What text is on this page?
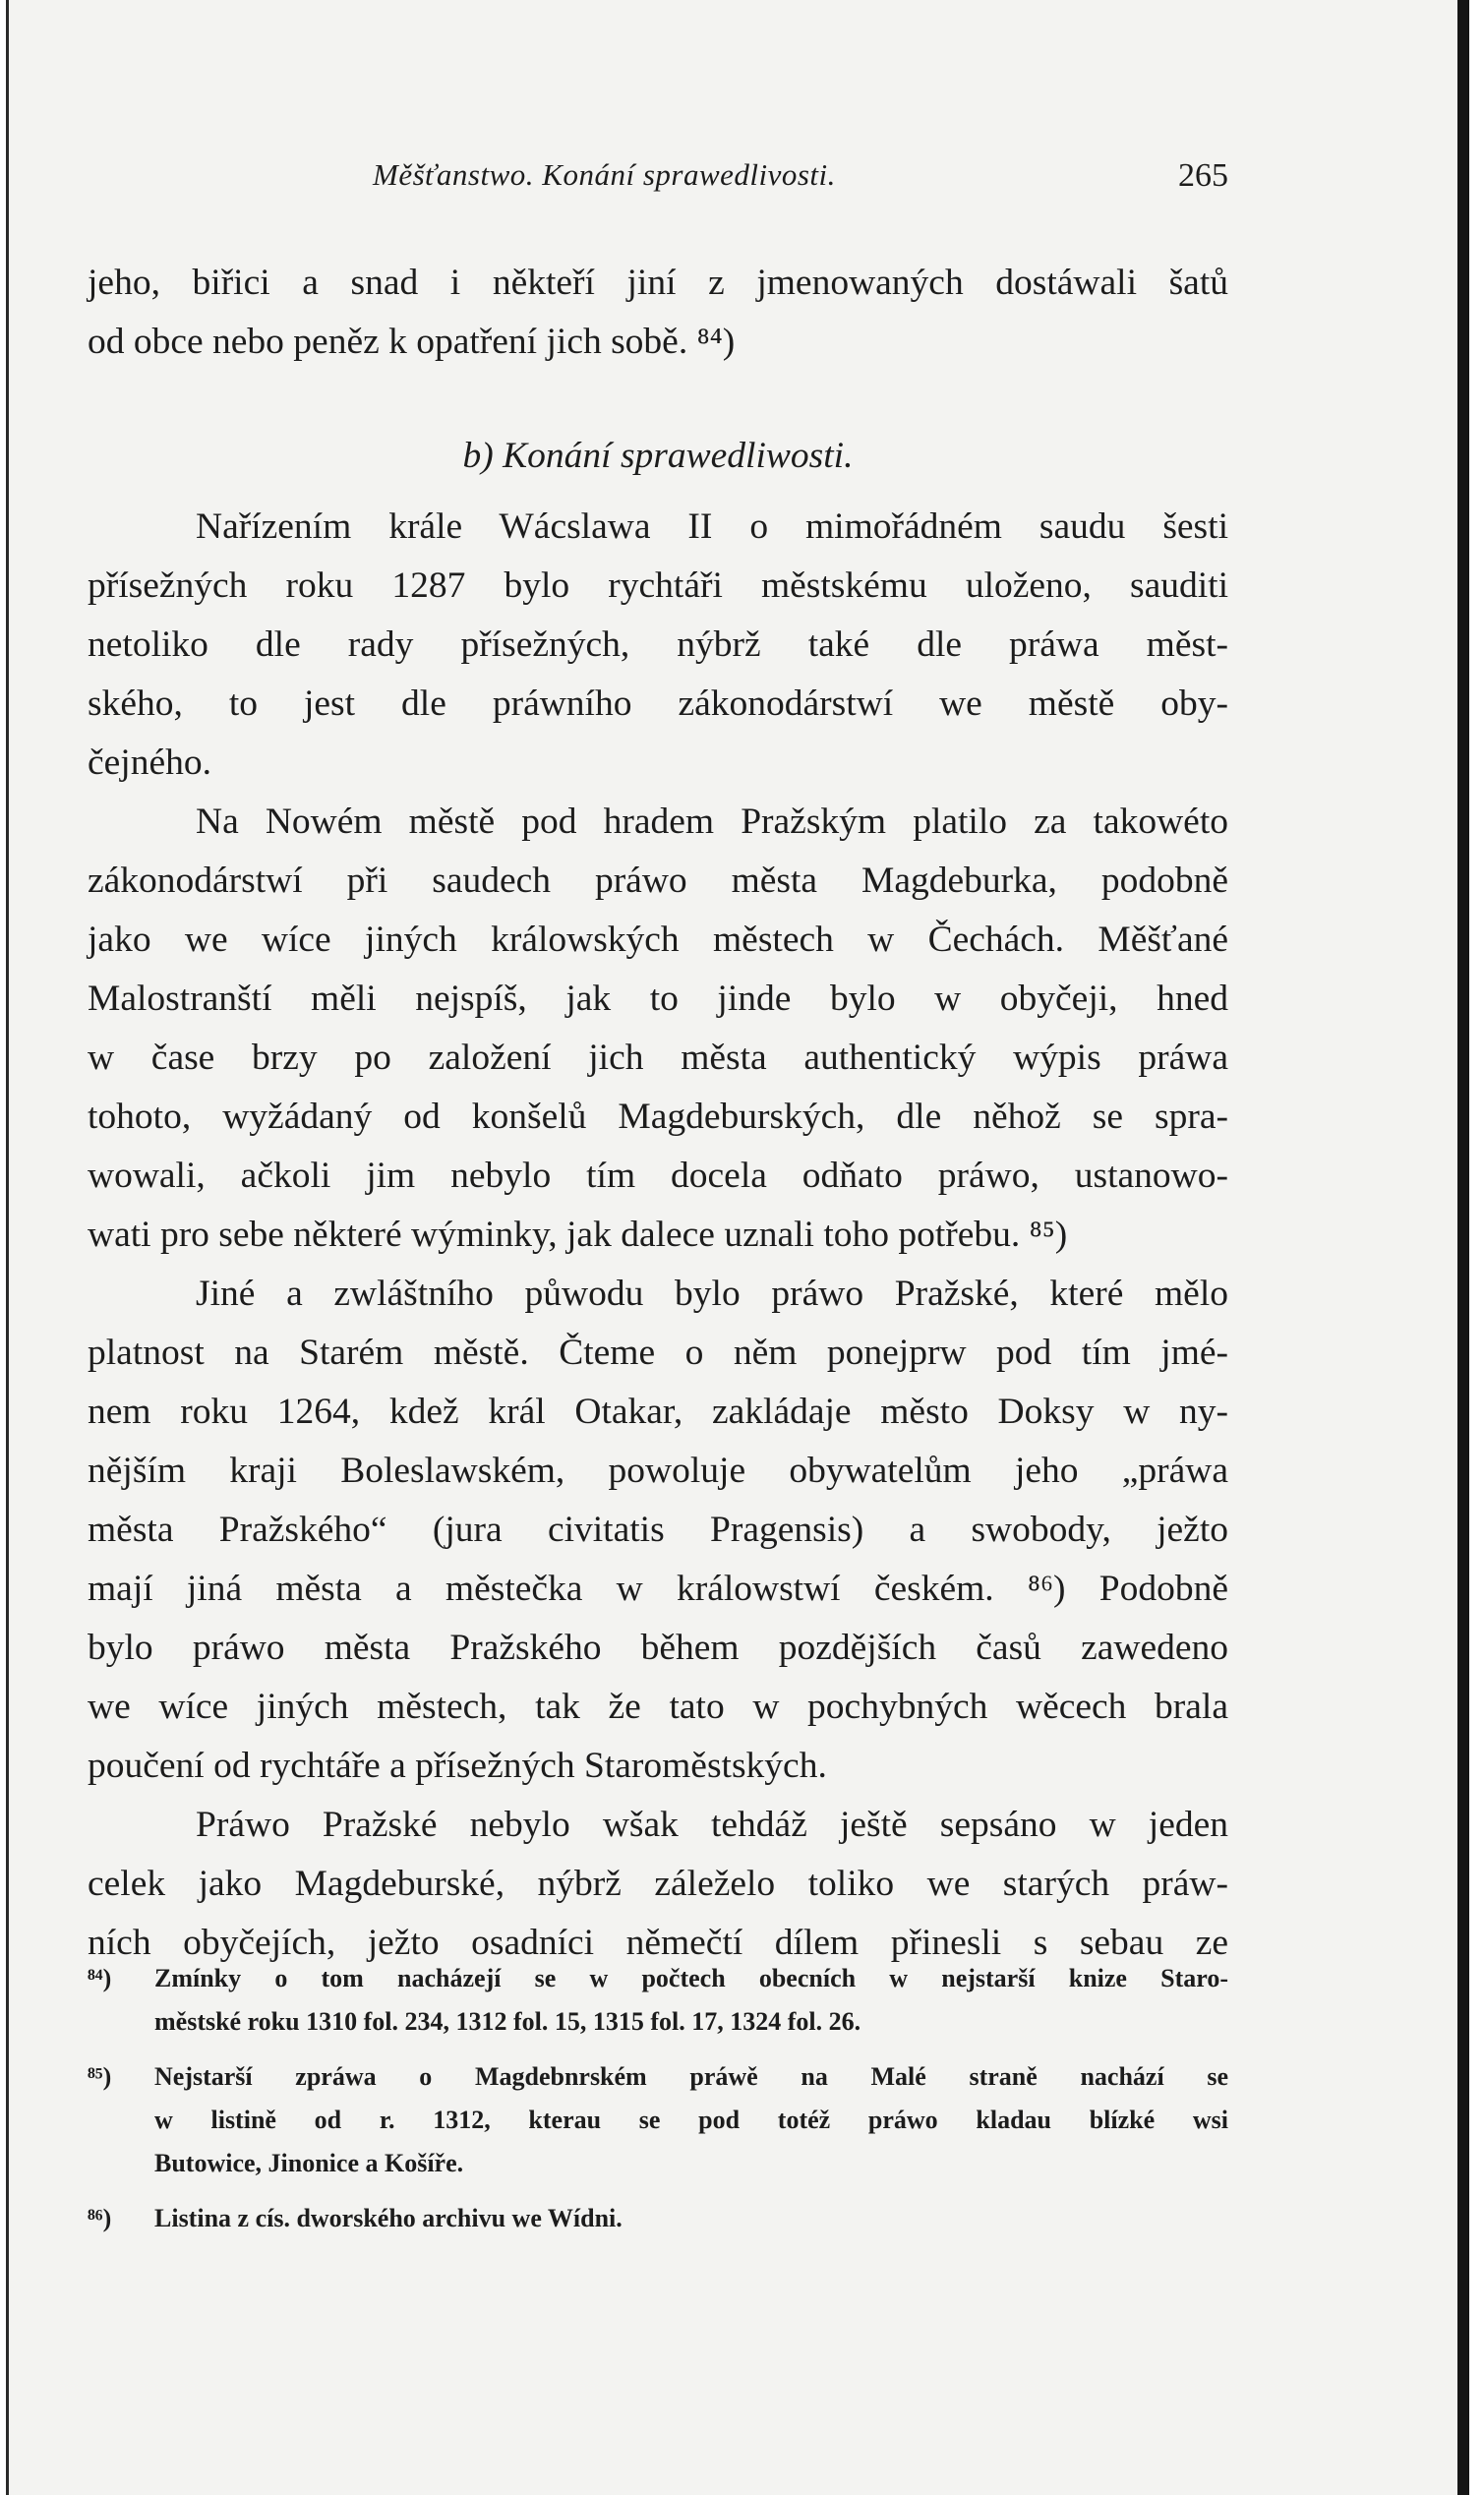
Měšťanstwo. Konání sprawedlivosti.	265
jeho, biřici a snad i někteří jiní z jmenowaných dostáwali šatů
od obce nebo peněz k opatření jich sobě. ⁸⁴)
b) Konání sprawedliwosti.
Nařízením krále Wácslawa II o mimořádném saudu šesti
přísežných roku 1287 bylo rychtáři městskému uloženo, sauditi
netoliko dle rady přísežných, nýbrž také dle práwa měst-
ského, to jest dle práwního zákonodárstwí we městě oby-
čejného.
Na Nowém městě pod hradem Pražským platilo za takowéto
zákonodárstwí při saudech práwo města Magdeburka, podobně
jako we wíce jiných králowských městech w Čechách. Měšťané
Malostranští měli nejspíš, jak to jinde bylo w obyčeji, hned
w čase brzy po založení jich města authentický wýpis práwa
tohoto, wyžádaný od konšelů Magdeburských, dle něhož se spra-
wowali, ačkoli jim nebylo tím docela odňato práwo, ustanowo-
wati pro sebe některé wýminky, jak dalece uznali toho potřebu. ⁸⁵)
Jiné a zwláštního půwodu bylo práwo Pražské, které mělo
platnost na Starém městě. Čteme o něm ponejprw pod tím jmé-
nem roku 1264, kdež král Otakar, zakládaje město Doksy w ny-
nějším kraji Boleslawském, powoluje obywatelům jeho „práwa
města Pražského“ (jura civitatis Pragensis) a swobody, ježto
mají jiná města a městečka w králowstwí českém. ⁸⁶) Podobně
bylo práwo města Pražského během pozdějších časů zawedeno
we wíce jiných městech, tak že tato w pochybných wěcech brala
poučení od rychtáře a přísežných Staroměstských.
Práwo Pražské nebylo wšak tehdáž ještě sepsáno w jeden
celek jako Magdeburské, nýbrž záleželo toliko we starých práw-
ních obyčejích, ježto osadníci němečtí dílem přinesli s sebau ze
⁸⁴) Zmínky o tom nacházejí se w počtech obecních w nejstarší knize Staro-
městské roku 1310 fol. 234, 1312 fol. 15, 1315 fol. 17, 1324 fol. 26.
⁸⁵) Nejstarší zpráwa o Magdebnrském práwě na Malé straně nachází se
w listině od r. 1312, kterau se pod totéž práwo kladau blízké wsi
Butowice, Jinonice a Košíře.
⁸⁶) Listina z cís. dworského archivu we Wídni.
